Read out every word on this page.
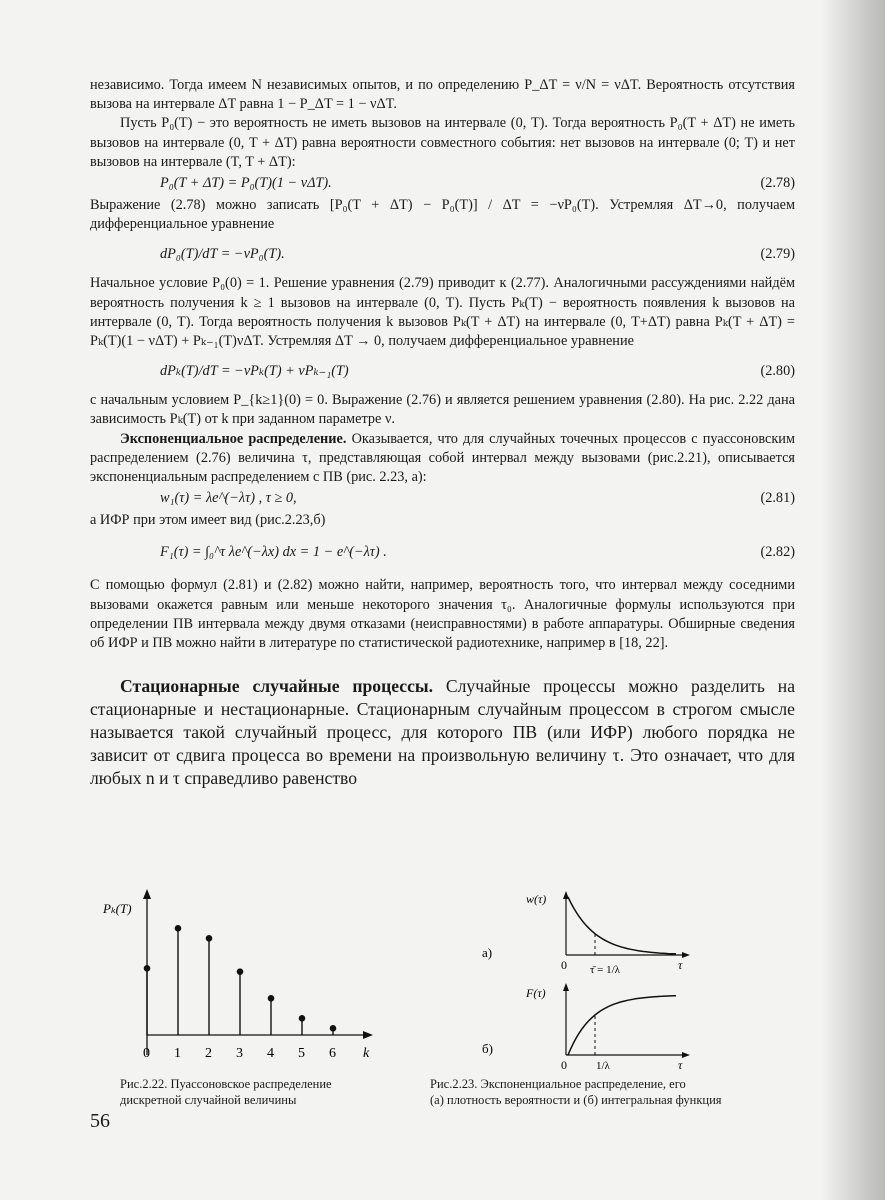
независимо. Тогда имеем N независимых опытов, и по определению P_ΔT = ν/N = νΔT. Вероятность отсутствия вызова на интервале ΔT равна 1 − P_ΔT = 1 − νΔT.

Пусть P₀(T) − это вероятность не иметь вызовов на интервале (0, T). Тогда вероятность P₀(T + ΔT) не иметь вызовов на интервале (0, T + ΔT) равна вероятности совместного события: нет вызовов на интервале (0; T) и нет вызовов на интервале (T, T + ΔT):

P₀(T + ΔT) = P₀(T)(1 − νΔT).	(2.78)

Выражение (2.78) можно записать [P₀(T + ΔT) − P₀(T)] / ΔT = −νP₀(T). Устремляя ΔT→0, получаем дифференциальное уравнение

dP₀(T)/dT = −νP₀(T).	(2.79)

Начальное условие P₀(0) = 1. Решение уравнения (2.79) приводит к (2.77). Аналогичными рассуждениями найдём вероятность получения k ≥ 1 вызовов на интервале (0, T). Пусть Pₖ(T) − вероятность появления k вызовов на интервале (0, T). Тогда вероятность получения k вызовов Pₖ(T + ΔT) на интервале (0, T+ΔT) равна Pₖ(T + ΔT) = Pₖ(T)(1 − νΔT) + Pₖ₋₁(T)νΔT. Устремляя ΔT → 0, получаем дифференциальное уравнение

dPₖ(T)/dT = −νPₖ(T) + νPₖ₋₁(T)	(2.80)

с начальным условием P_{k≥1}(0) = 0. Выражение (2.76) и является решением уравнения (2.80). На рис. 2.22 дана зависимость Pₖ(T) от k при заданном параметре ν.

Экспоненциальное распределение. Оказывается, что для случайных точечных процессов с пуассоновским распределением (2.76) величина τ, представляющая собой интервал между вызовами (рис.2.21), описывается экспоненциальным распределением с ПВ (рис. 2.23, а):

w₁(τ) = λe^(−λτ) , τ ≥ 0,	(2.81)

а ИФР при этом имеет вид (рис.2.23,б)

F₁(τ) = ∫₀^τ λe^(−λx) dx = 1 − e^(−λτ) .	(2.82)

С помощью формул (2.81) и (2.82) можно найти, например, вероятность того, что интервал между соседними вызовами окажется равным или меньше некоторого значения τ₀. Аналогичные формулы используются при определении ПВ интервала между двумя отказами (неисправностями) в работе аппаратуры. Обширные сведения об ИФР и ПВ можно найти в литературе по статистической радиотехнике, например в [18, 22].

Стационарные случайные процессы. Случайные процессы можно разделить на стационарные и нестационарные. Стационарным случайным процессом в строгом смысле называется такой случайный процесс, для которого ПВ (или ИФР) любого порядка не зависит от сдвига процесса во времени на произвольную величину τ. Это означает, что для любых n и τ справедливо равенство

Pₖ(T)
k
0 1 2 3 4 5 6
Рис.2.22. Пуассоновское распределение
дискретной случайной величины
а)
б)
w(τ)
0	τ
τ̄ = 1/λ
F(τ)
0	τ
1/λ
Рис.2.23. Экспоненциальное распределение, его
(а) плотность вероятности и (б) интегральная функция
56
